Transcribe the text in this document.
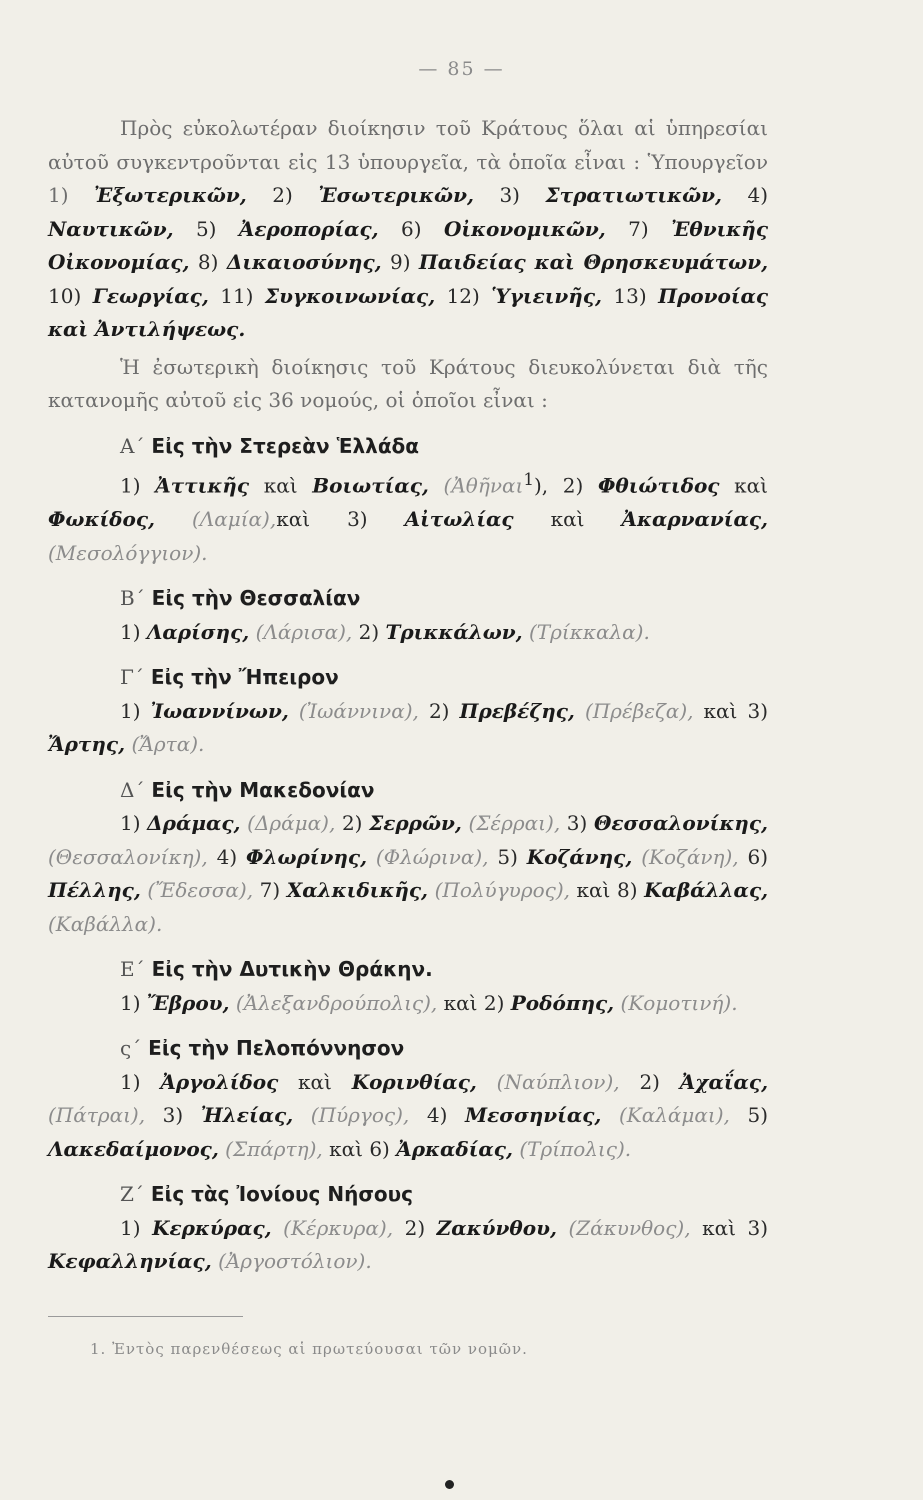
— 85 —

Πρὸς εὐκολωτέραν διοίκησιν τοῦ Κράτους ὅλαι αἱ ὑπηρεσίαι αὐτοῦ συγκεντροῦνται εἰς 13 ὑπουργεῖα, τὰ ὁποῖα εἶναι : Ὑπουργεῖον 1) Ἐξωτερικῶν, 2) Ἐσωτερικῶν, 3) Στρατιωτικῶν, 4) Ναυτικῶν, 5) Ἀεροπορίας, 6) Οἰκονομικῶν, 7) Ἐθνικῆς Οἰκονομίας, 8) Δικαιοσύνης, 9) Παιδείας καὶ Θρησκευμάτων, 10) Γεωργίας, 11) Συγκοινωνίας, 12) Ὑγιεινῆς, 13) Προνοίας καὶ Ἀντιλήψεως.

Ἡ ἐσωτερικὴ διοίκησις τοῦ Κράτους διευκολύνεται διὰ τῆς κατανομῆς αὐτοῦ εἰς 36 νομούς, οἱ ὁποῖοι εἶναι :

Α΄ Εἰς τὴν Στερεὰν Ἑλλάδα

1) Ἀττικῆς καὶ Βοιωτίας, (Ἀθῆναι$^1$), 2) Φθιώτιδος καὶ Φωκίδος, (Λαμία),καὶ 3) Αἰτωλίας καὶ Ἀκαρνανίας, (Μεσολόγγιον).

Β΄ Εἰς τὴν Θεσσαλίαν

1) Λαρίσης, (Λάρισα), 2) Τρικκάλων, (Τρίκκαλα).

Γ΄ Εἰς τὴν Ἤπειρον

1) Ἰωαννίνων, (Ἰωάννινα), 2) Πρεβέζης, (Πρέβεζα), καὶ 3) Ἄρτης, (Ἄρτα).

Δ΄ Εἰς τὴν Μακεδονίαν

1) Δράμας, (Δράμα), 2) Σερρῶν, (Σέρραι), 3) Θεσσαλονίκης, (Θεσσαλονίκη), 4) Φλωρίνης, (Φλώρινα), 5) Κοζάνης, (Κοζάνη), 6) Πέλλης, (Ἔδεσσα), 7) Χαλκιδικῆς, (Πολύγυρος), καὶ 8) Καβάλλας, (Καβάλλα).

Ε΄ Εἰς τὴν Δυτικὴν Θράκην.

1) Ἔβρου, (Ἀλεξανδρούπολις), καὶ 2) Ροδόπης, (Κομοτινή).

ς΄ Εἰς τὴν Πελοπόννησον

1) Ἀργολίδος καὶ Κορινθίας, (Ναύπλιον), 2) Ἀχαΐας, (Πάτραι), 3) Ἠλείας, (Πύργος), 4) Μεσσηνίας, (Καλάμαι), 5) Λακεδαίμονος, (Σπάρτη), καὶ 6) Ἀρκαδίας, (Τρίπολις).

Ζ΄ Εἰς τὰς Ἰονίους Νήσους

1) Κερκύρας, (Κέρκυρα), 2) Ζακύνθου, (Ζάκυνθος), καὶ 3) Κεφαλληνίας, (Ἀργοστόλιον).

1. Ἐντὸς παρενθέσεως αἱ πρωτεύουσαι τῶν νομῶν.
